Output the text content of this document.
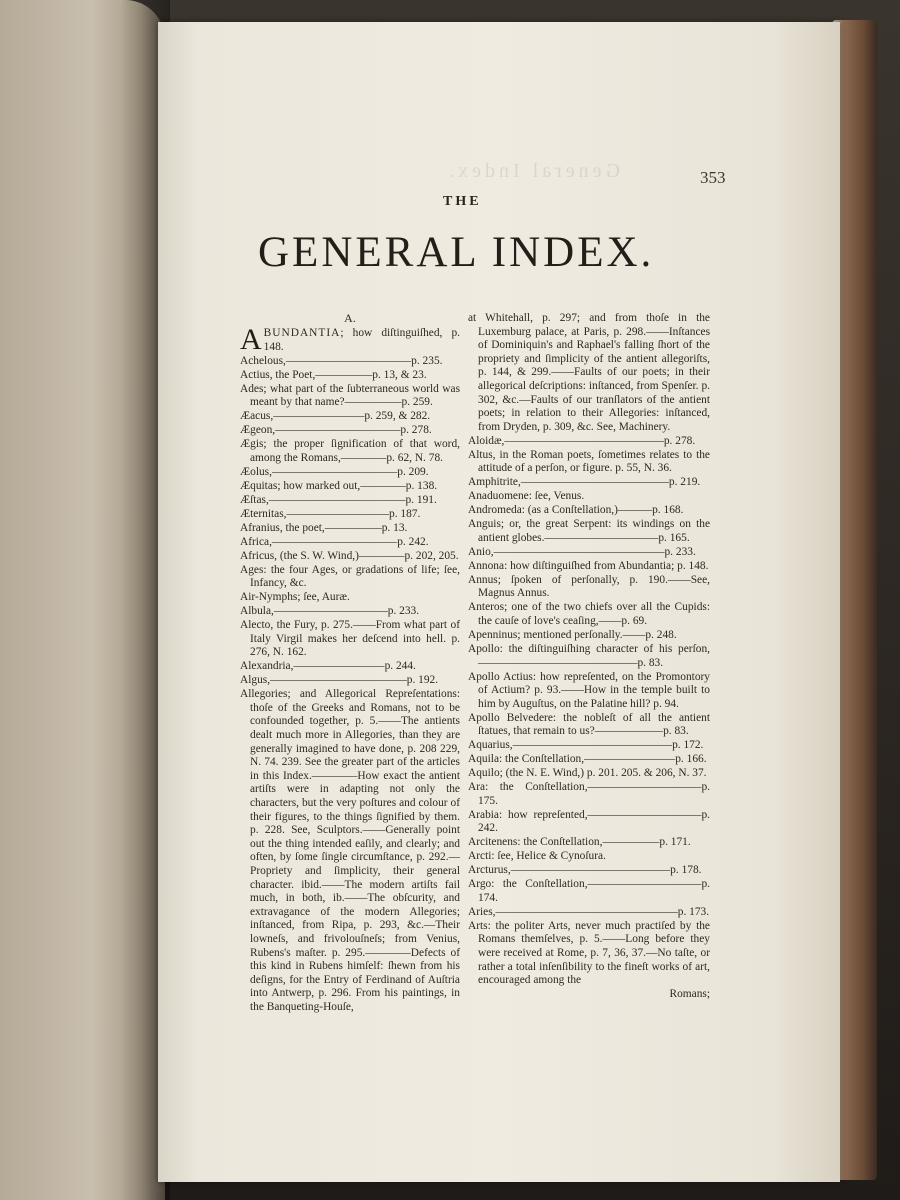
General Index.	353
THE
GENERAL INDEX.
A.
ABUNDANTIA; how diſtinguiſhed, p. 148.
Achelous,———————————p. 235.
Actius, the Poet,—————p. 13, & 23.
Ades; what part of the ſubterraneous world was meant by that name?—————p. 259.
Æacus,————————p. 259, & 282.
Ægeon,———————————p. 278.
Ægis; the proper ſignification of that word, among the Romans,————p. 62, N. 78.
Æolus,———————————p. 209.
Æquitas; how marked out,————p. 138.
Æſtas,————————————p. 191.
Æternitas,—————————p. 187.
Afranius, the poet,—————p. 13.
Africa,———————————p. 242.
Africus, (the S. W. Wind,)————p. 202, 205.
Ages: the four Ages, or gradations of life; ſee, Infancy, &c.
Air-Nymphs; ſee, Auræ.
Albula,——————————p. 233.
Alecto, the Fury, p. 275.——From what part of Italy Virgil makes her deſcend into hell. p. 276, N. 162.
Alexandria,————————p. 244.
Algus,————————————p. 192.
Allegories; and Allegorical Repreſentations: thoſe of the Greeks and Romans, not to be confounded together, p. 5.——The antients dealt much more in Allegories, than they are generally imagined to have done, p. 208 229, N. 74. 239. See the greater part of the articles in this Index.————How exact the antient artiſts were in adapting not only the characters, but the very poſtures and colour of their figures, to the things ſignified by them. p. 228. See, Sculptors.——Generally point out the thing intended eaſily, and clearly; and often, by ſome ſingle circumſtance, p. 292.—Propriety and ſimplicity, their general character. ibid.——The modern artiſts fail much, in both, ib.——The obſcurity, and extravagance of the modern Allegories; inſtanced, from Ripa, p. 293, &c.—Their lowneſs, and frivolouſneſs; from Venius, Rubens's maſter. p. 295.————Defects of this kind in Rubens himſelf: ſhewn from his deſigns, for the Entry of Ferdinand of Auſtria into Antwerp, p. 296. From his paintings, in the Banqueting-Houſe,
at Whitehall, p. 297; and from thoſe in the Luxemburg palace, at Paris, p. 298.——Inſtances of Dominiquin's and Raphael's falling ſhort of the propriety and ſimplicity of the antient allegoriſts, p. 144, & 299.——Faults of our poets; in their allegorical deſcriptions: inſtanced, from Spenſer. p. 302, &c.—Faults of our tranſlators of the antient poets; in relation to their Allegories: inſtanced, from Dryden, p. 309, &c. See, Machinery.
Aloidæ,——————————————p. 278.
Altus, in the Roman poets, ſometimes relates to the attitude of a perſon, or figure. p. 55, N. 36.
Amphitrite,—————————————p. 219.
Anaduomene: ſee, Venus.
Andromeda: (as a Conſtellation,)———p. 168.
Anguis; or, the great Serpent: its windings on the antient globes.——————————p. 165.
Anio,———————————————p. 233.
Annona: how diſtinguiſhed from Abundantia; p. 148.
Annus; ſpoken of perſonally, p. 190.——See, Magnus Annus.
Anteros; one of the two chiefs over all the Cupids: the cauſe of love's ceaſing,——p. 69.
Apenninus; mentioned perſonally.——p. 248.
Apollo: the diſtinguiſhing character of his perſon,——————————————p. 83.
Apollo Actius: how repreſented, on the Promontory of Actium? p. 93.——How in the temple built to him by Auguſtus, on the Palatine hill? p. 94.
Apollo Belvedere: the nobleſt of all the antient ſtatues, that remain to us?——————p. 83.
Aquarius,——————————————p. 172.
Aquila: the Conſtellation,————————p. 166.
Aquilo; (the N. E. Wind,) p. 201. 205. & 206, N. 37.
Ara: the Conſtellation,——————————p. 175.
Arabia: how repreſented,——————————p. 242.
Arcitenens: the Conſtellation,—————p. 171.
Arcti: ſee, Helice & Cynoſura.
Arcturus,——————————————p. 178.
Argo: the Conſtellation,——————————p. 174.
Aries,————————————————p. 173.
Arts: the politer Arts, never much practiſed by the Romans themſelves, p. 5.——Long before they were received at Rome, p. 7, 36, 37.—No taſte, or rather a total inſenſibility to the fineſt works of art, encouraged among the
Romans;
